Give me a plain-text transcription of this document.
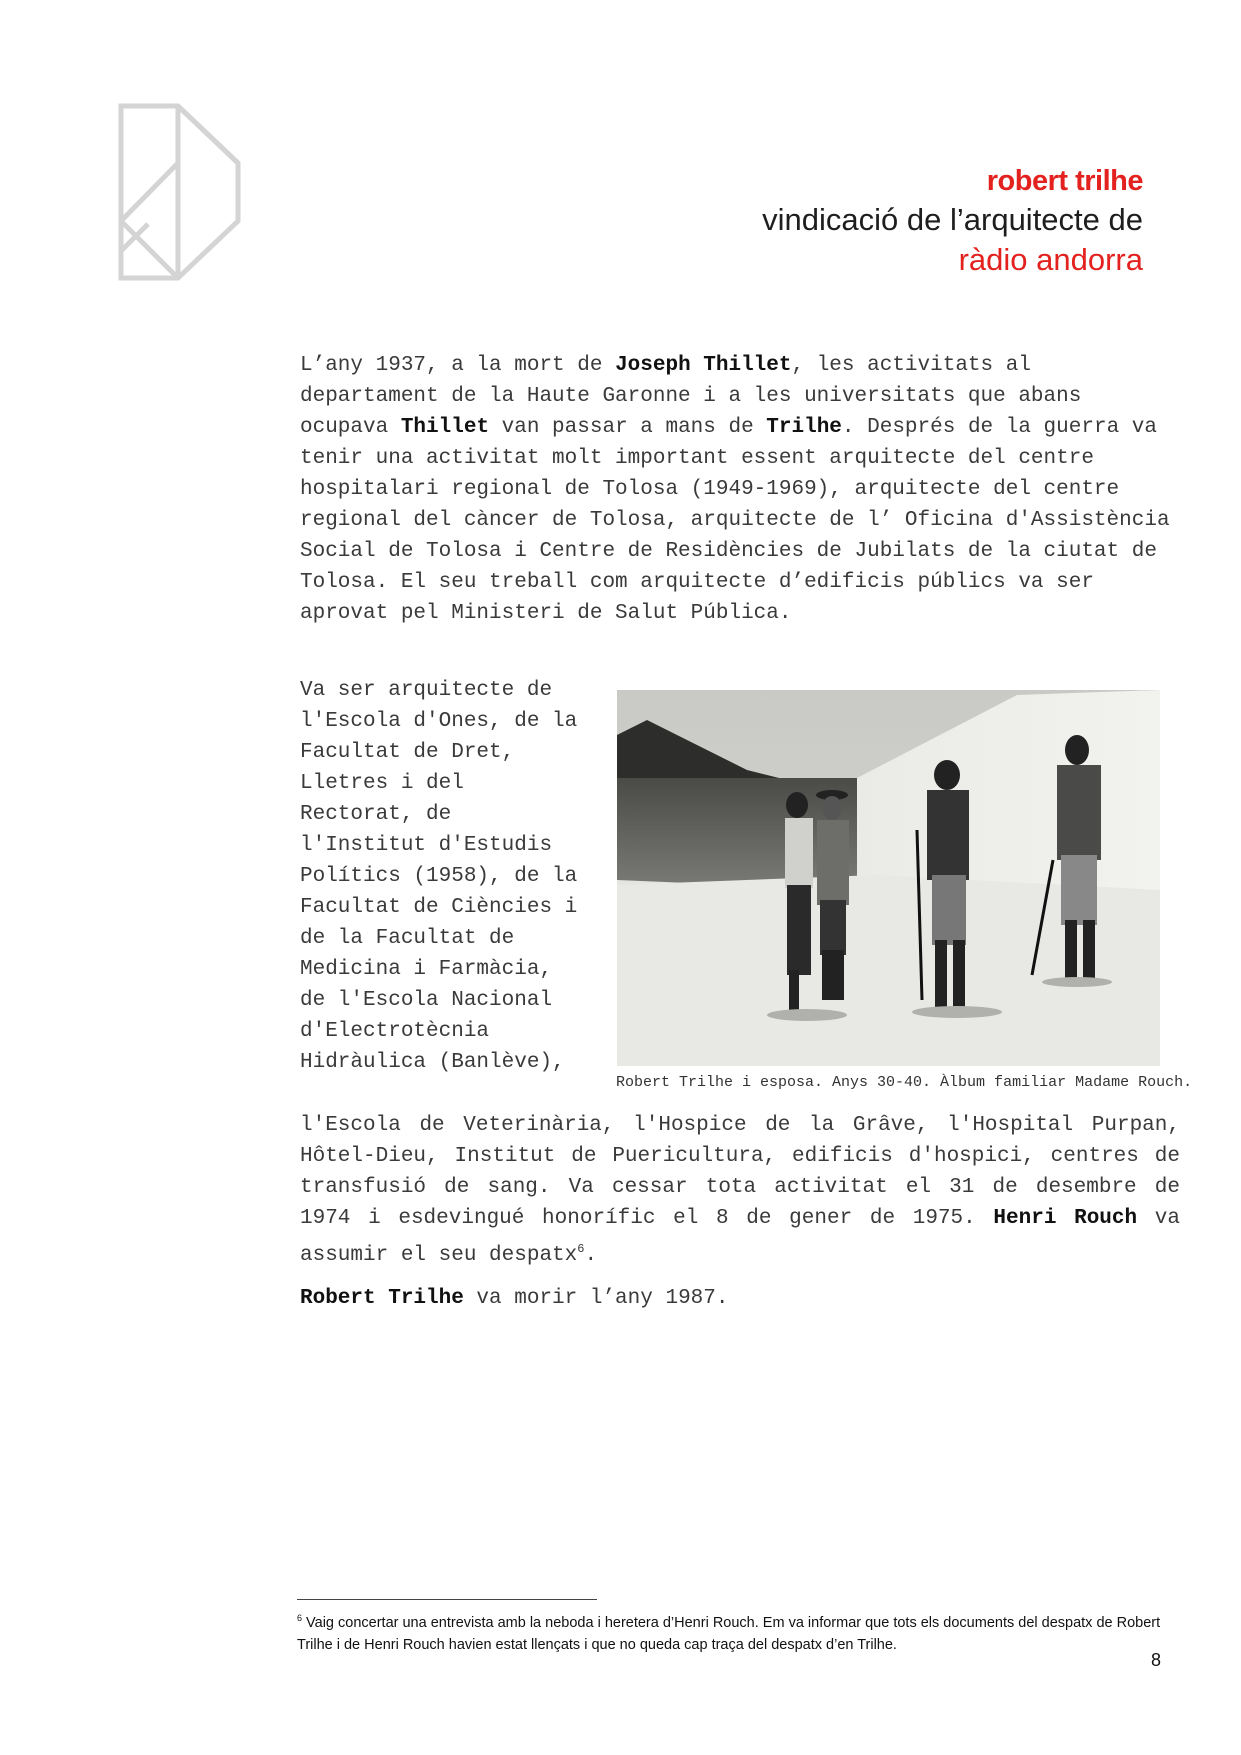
robert trilhe
vindicació de l’arquitecte de
ràdio andorra

L’any 1937, a la mort de Joseph Thillet, les activitats al departament de la Haute Garonne i a les universitats que abans ocupava Thillet van passar a mans de Trilhe. Després de la guerra va tenir una activitat molt important essent arquitecte del centre hospitalari regional de Tolosa (1949-1969), arquitecte del centre regional del càncer de Tolosa, arquitecte de l’ Oficina d'Assistència Social de Tolosa i Centre de Residències de Jubilats de la ciutat de Tolosa. El seu treball com arquitecte d’edificis públics va ser aprovat pel Ministeri de Salut Pública.

Va ser arquitecte de l'Escola d'Ones, de la Facultat de Dret, Lletres i del Rectorat, de l'Institut d'Estudis Polítics (1958), de la Facultat de Ciències i de la Facultat de Medicina i Farmàcia, de l'Escola Nacional d'Electrotècnia Hidràulica (Banlève),

Robert Trilhe i esposa. Anys 30-40. Àlbum familiar Madame Rouch.

l'Escola de Veterinària, l'Hospice de la Grâve, l'Hospital Purpan, Hôtel-Dieu, Institut de Puericultura, edificis d'hospici, centres de transfusió de sang. Va cessar tota activitat el 31 de desembre de 1974 i esdevingué honorífic el 8 de gener de 1975. Henri Rouch va assumir el seu despatx$^6$.

Robert Trilhe va morir l’any 1987.

$^6$ Vaig concertar una entrevista amb la neboda i heretera d’Henri Rouch. Em va informar que tots els documents del despatx de Robert Trilhe i de Henri Rouch havien estat llençats i que no queda cap traça del despatx d’en Trilhe.
8
